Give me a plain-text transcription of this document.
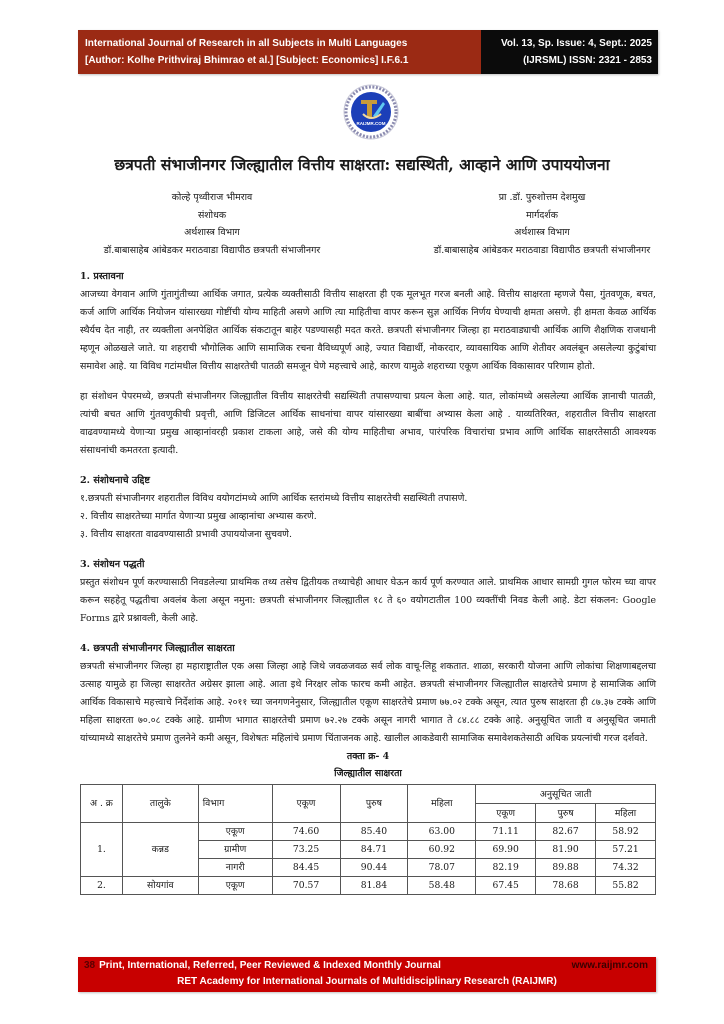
International Journal of Research in all Subjects in Multi Languages
[Author: Kolhe Prithviraj Bhimrao et al.] [Subject: Economics] I.F.6.1
Vol. 13, Sp. Issue: 4, Sept.: 2025
(IJRSML) ISSN: 2321 - 2853
RAIJMR.COM
छत्रपती संभाजीनगर जिल्ह्यातील वित्तीय साक्षरता: सद्यस्थिती, आव्हाने आणि उपाययोजना
कोल्हे पृथ्वीराज भीमराव
संशोधक
अर्थशास्त्र विभाग
डॉ.बाबासाहेब आंबेडकर मराठवाडा विद्यापीठ छत्रपती संभाजीनगर
प्रा .डॉ. पुरुशोत्तम देशमुख
मार्गदर्शक
अर्थशास्त्र विभाग
डॉ.बाबासाहेब आंबेडकर मराठवाडा विद्यापीठ छत्रपती संभाजीनगर
1. प्रस्तावना

आजच्या वेगवान आणि गुंतागुंतीच्या आर्थिक जगात, प्रत्येक व्यक्तीसाठी वित्तीय साक्षरता ही एक मूलभूत गरज बनली आहे. वित्तीय साक्षरता म्हणजे पैसा, गुंतवणूक, बचत, कर्ज आणि आर्थिक नियोजन यांसारख्या गोष्टींची योग्य माहिती असणे आणि त्या माहितीचा वापर करून सुज्ञ आर्थिक निर्णय घेण्याची क्षमता असणे. ही क्षमता केवळ आर्थिक स्थैर्यच देत नाही, तर व्यक्तीला अनपेक्षित आर्थिक संकटातून बाहेर पडण्यासही मदत करते. छत्रपती संभाजीनगर जिल्हा हा मराठवाड्याची आर्थिक आणि शैक्षणिक राजधानी म्हणून ओळखले जाते. या शहराची भौगोलिक आणि सामाजिक रचना वैविध्यपूर्ण आहे, ज्यात विद्यार्थी, नोकरदार, व्यावसायिक आणि शेतीवर अवलंबून असलेल्या कुटुंबांचा समावेश आहे. या विविध गटांमधील वित्तीय साक्षरतेची पातळी समजून घेणे महत्त्वाचे आहे, कारण यामुळे शहराच्या एकूण आर्थिक विकासावर परिणाम होतो.

हा संशोधन पेपरमध्ये, छत्रपती संभाजीनगर जिल्ह्यातील वित्तीय साक्षरतेची सद्यस्थिती तपासण्याचा प्रयत्न केला आहे. यात, लोकांमध्ये असलेल्या आर्थिक ज्ञानाची पातळी, त्यांची बचत आणि गुंतवणुकीची प्रवृत्ती, आणि डिजिटल आर्थिक साधनांचा वापर यांसारख्या बाबींचा अभ्यास केला आहे . याव्यतिरिक्त, शहरातील वित्तीय साक्षरता वाढवण्यामध्ये येणाऱ्या प्रमुख आव्हानांवरही प्रकाश टाकला आहे, जसे की योग्य माहितीचा अभाव, पारंपरिक विचारांचा प्रभाव आणि आर्थिक साक्षरतेसाठी आवश्यक संसाधनांची कमतरता इत्यादी.

2. संशोधनाचे उद्दिष्ट
१.छत्रपती संभाजीनगर शहरातील विविध वयोगटांमध्ये आणि आर्थिक स्तरांमध्ये वित्तीय साक्षरतेची सद्यस्थिती तपासणे.
२. वित्तीय साक्षरतेच्या मार्गात येणाऱ्या प्रमुख आव्हानांचा अभ्यास करणे.
३. वित्तीय साक्षरता वाढवण्यासाठी प्रभावी उपाययोजना सुचवणे.
3. संशोधन पद्धती

प्रस्तुत संशोधन पूर्ण करण्यासाठी निवडलेल्या प्राथमिक तथ्य तसेच द्वितीयक तथ्याचेही आधार घेऊन कार्य पूर्ण करण्यात आले. प्राथमिक आधार सामग्री गुगल फोरम च्या वापर करून सहहेतू पद्धतीचा अवलंब केला असून नमुना: छत्रपती संभाजीनगर जिल्ह्यातील १८ ते ६० वयोगटातील 100 व्यक्तींची निवड केली आहे. डेटा संकलन: Google Forms द्वारे प्रश्नावली, केली आहे.

4. छत्रपती संभाजीनगर जिल्ह्यातील साक्षरता

छत्रपती संभाजीनगर जिल्हा हा महाराष्ट्रातील एक असा जिल्हा आहे जिथे जवळजवळ सर्व लोक वाचू-लिहू शकतात. शाळा, सरकारी योजना आणि लोकांचा शिक्षणाबद्दलचा उत्साह यामुळे हा जिल्हा साक्षरतेत अग्रेसर झाला आहे. आता इथे निरक्षर लोक फारच कमी आहेत. छत्रपती संभाजीनगर जिल्ह्यातील साक्षरतेचे प्रमाण हे सामाजिक आणि आर्थिक विकासाचे महत्त्वाचे निर्देशांक आहे. २०११ च्या जनगणनेनुसार, जिल्ह्यातील एकूण साक्षरतेचे प्रमाण ७७.०२ टक्के असून, त्यात पुरुष साक्षरता ही ८७.३७ टक्के आणि महिला साक्षरता ७०.०८ टक्के आहे. ग्रामीण भागात साक्षरतेची प्रमाण ७२.२७ टक्के असून नागरी भागात ते ८४.८८ टक्के आहे. अनुसूचित जाती व अनुसूचित जमाती यांच्यामध्ये साक्षरतेचे प्रमाण तुलनेने कमी असून, विशेषतः महिलांचे प्रमाण चिंताजनक आहे. खालील आकडेवारी सामाजिक समावेशकतेसाठी अधिक प्रयत्नांची गरज दर्शवते.

तक्ता क्र- 4
जिल्ह्यातील साक्षरता
अ . क्र	तालुके	विभाग	एकूण	पुरुष	महिला	अनुसूचित जाती		
						एकूण	पुरुष	महिला
1.	कन्नड	एकूण	74.60	85.40	63.00	71.11	82.67	58.92
		ग्रामीण	73.25	84.71	60.92	69.90	81.90	57.21
		नागरी	84.45	90.44	78.07	82.19	89.88	74.32
2.	सोयगांव	एकूण	70.57	81.84	58.48	67.45	78.68	55.82
38 Print, International, Referred, Peer Reviewed & Indexed Monthly Journal	www.raijmr.com
RET Academy for International Journals of Multidisciplinary Research (RAIJMR)
